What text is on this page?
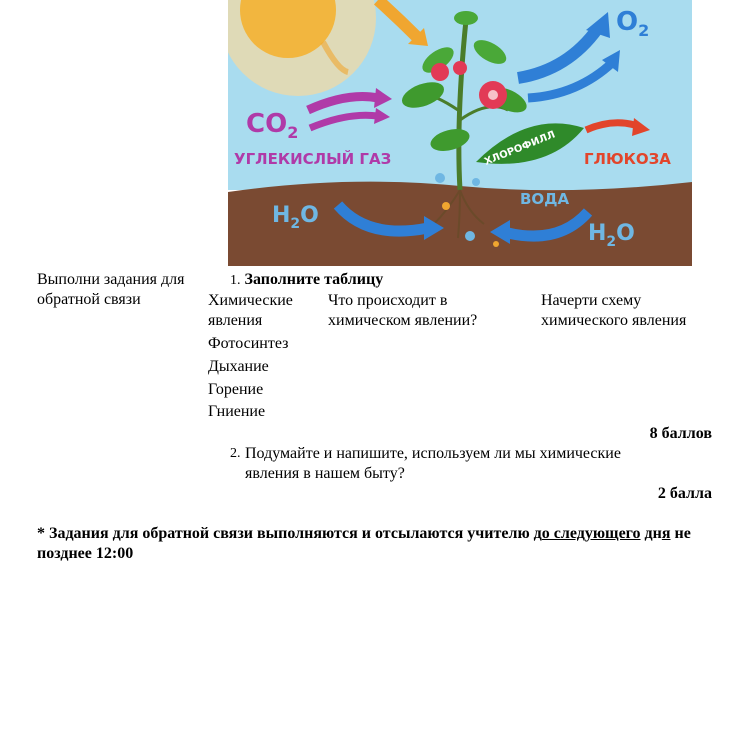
$CO_2$
$O_2$
УГЛЕКИСЛЫЙ ГАЗ	ХЛОРОФИЛЛ ГЛЮКОЗА
ВОДА
$H_2O$
$H_2O$
Выполни задания для обратной связи
1. Заполните таблицу
Химические явления
Что происходит в химическом явлении?
Начерти схему химического явления
Фотосинтез
Дыхание
Горение
Гниение
8 баллов
2. Подумайте и напишите, используем ли мы химические явления в нашем быту?
2 балла
* Задания для обратной связи выполняются и отсылаются учителю до следующего дня не позднее 12:00
